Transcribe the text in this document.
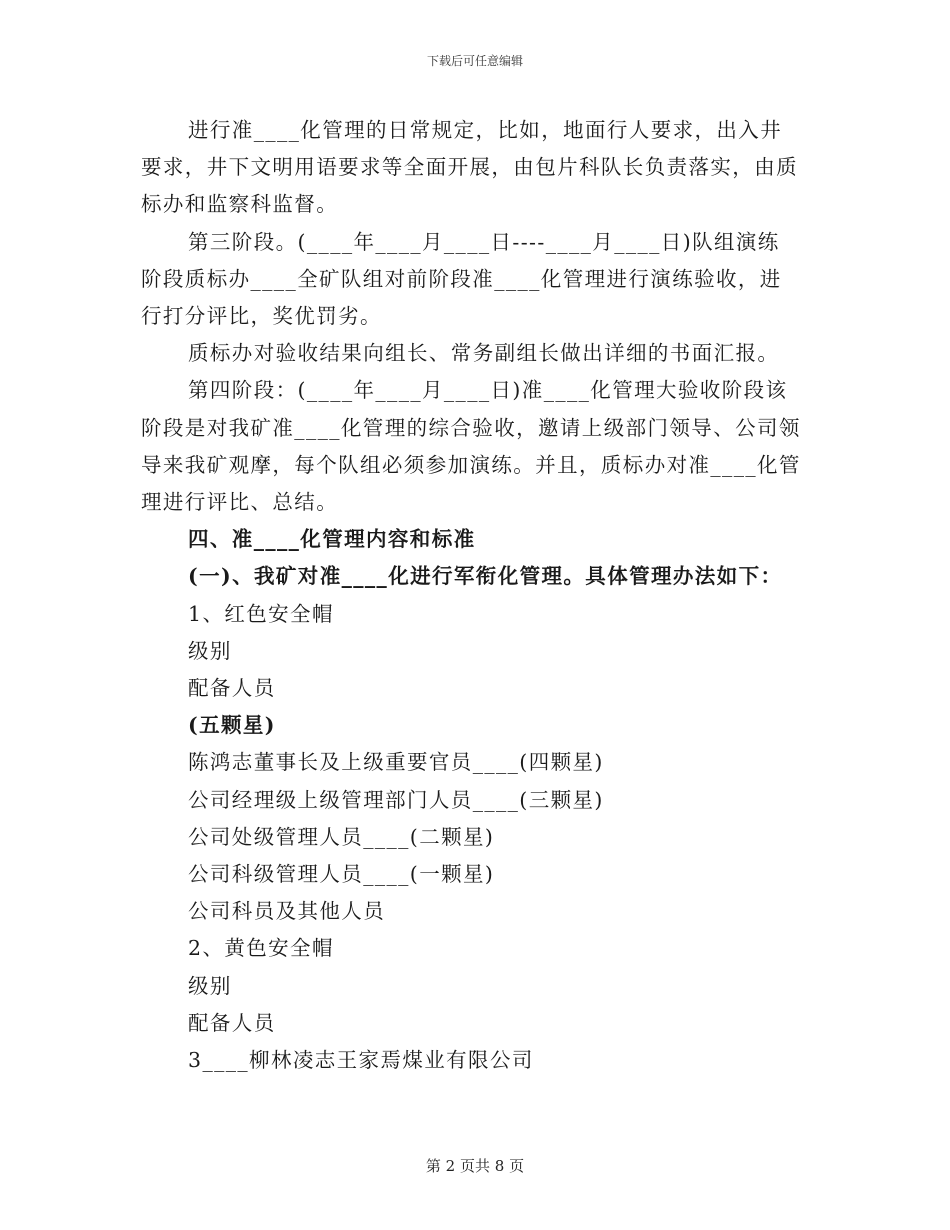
下载后可任意编辑

进行准____化管理的日常规定，比如，地面行人要求，出入井要求，井下文明用语要求等全面开展，由包片科队长负责落实，由质标办和监察科监督。

第三阶段。(____年____月____日----____月____日)队组演练阶段质标办____全矿队组对前阶段准____化管理进行演练验收，进行打分评比，奖优罚劣。

质标办对验收结果向组长、常务副组长做出详细的书面汇报。

第四阶段：(____年____月____日)准____化管理大验收阶段该阶段是对我矿准____化管理的综合验收，邀请上级部门领导、公司领导来我矿观摩，每个队组必须参加演练。并且，质标办对准____化管理进行评比、总结。

四、准____化管理内容和标准

(一)、我矿对准____化进行军衔化管理。具体管理办法如下：

1、红色安全帽

级别

配备人员

(五颗星)

陈鸿志董事长及上级重要官员____(四颗星)

公司经理级上级管理部门人员____(三颗星)

公司处级管理人员____(二颗星)

公司科级管理人员____(一颗星)

公司科员及其他人员

2、黄色安全帽

级别

配备人员

3____柳林凌志王家焉煤业有限公司

第 2 页共 8 页
